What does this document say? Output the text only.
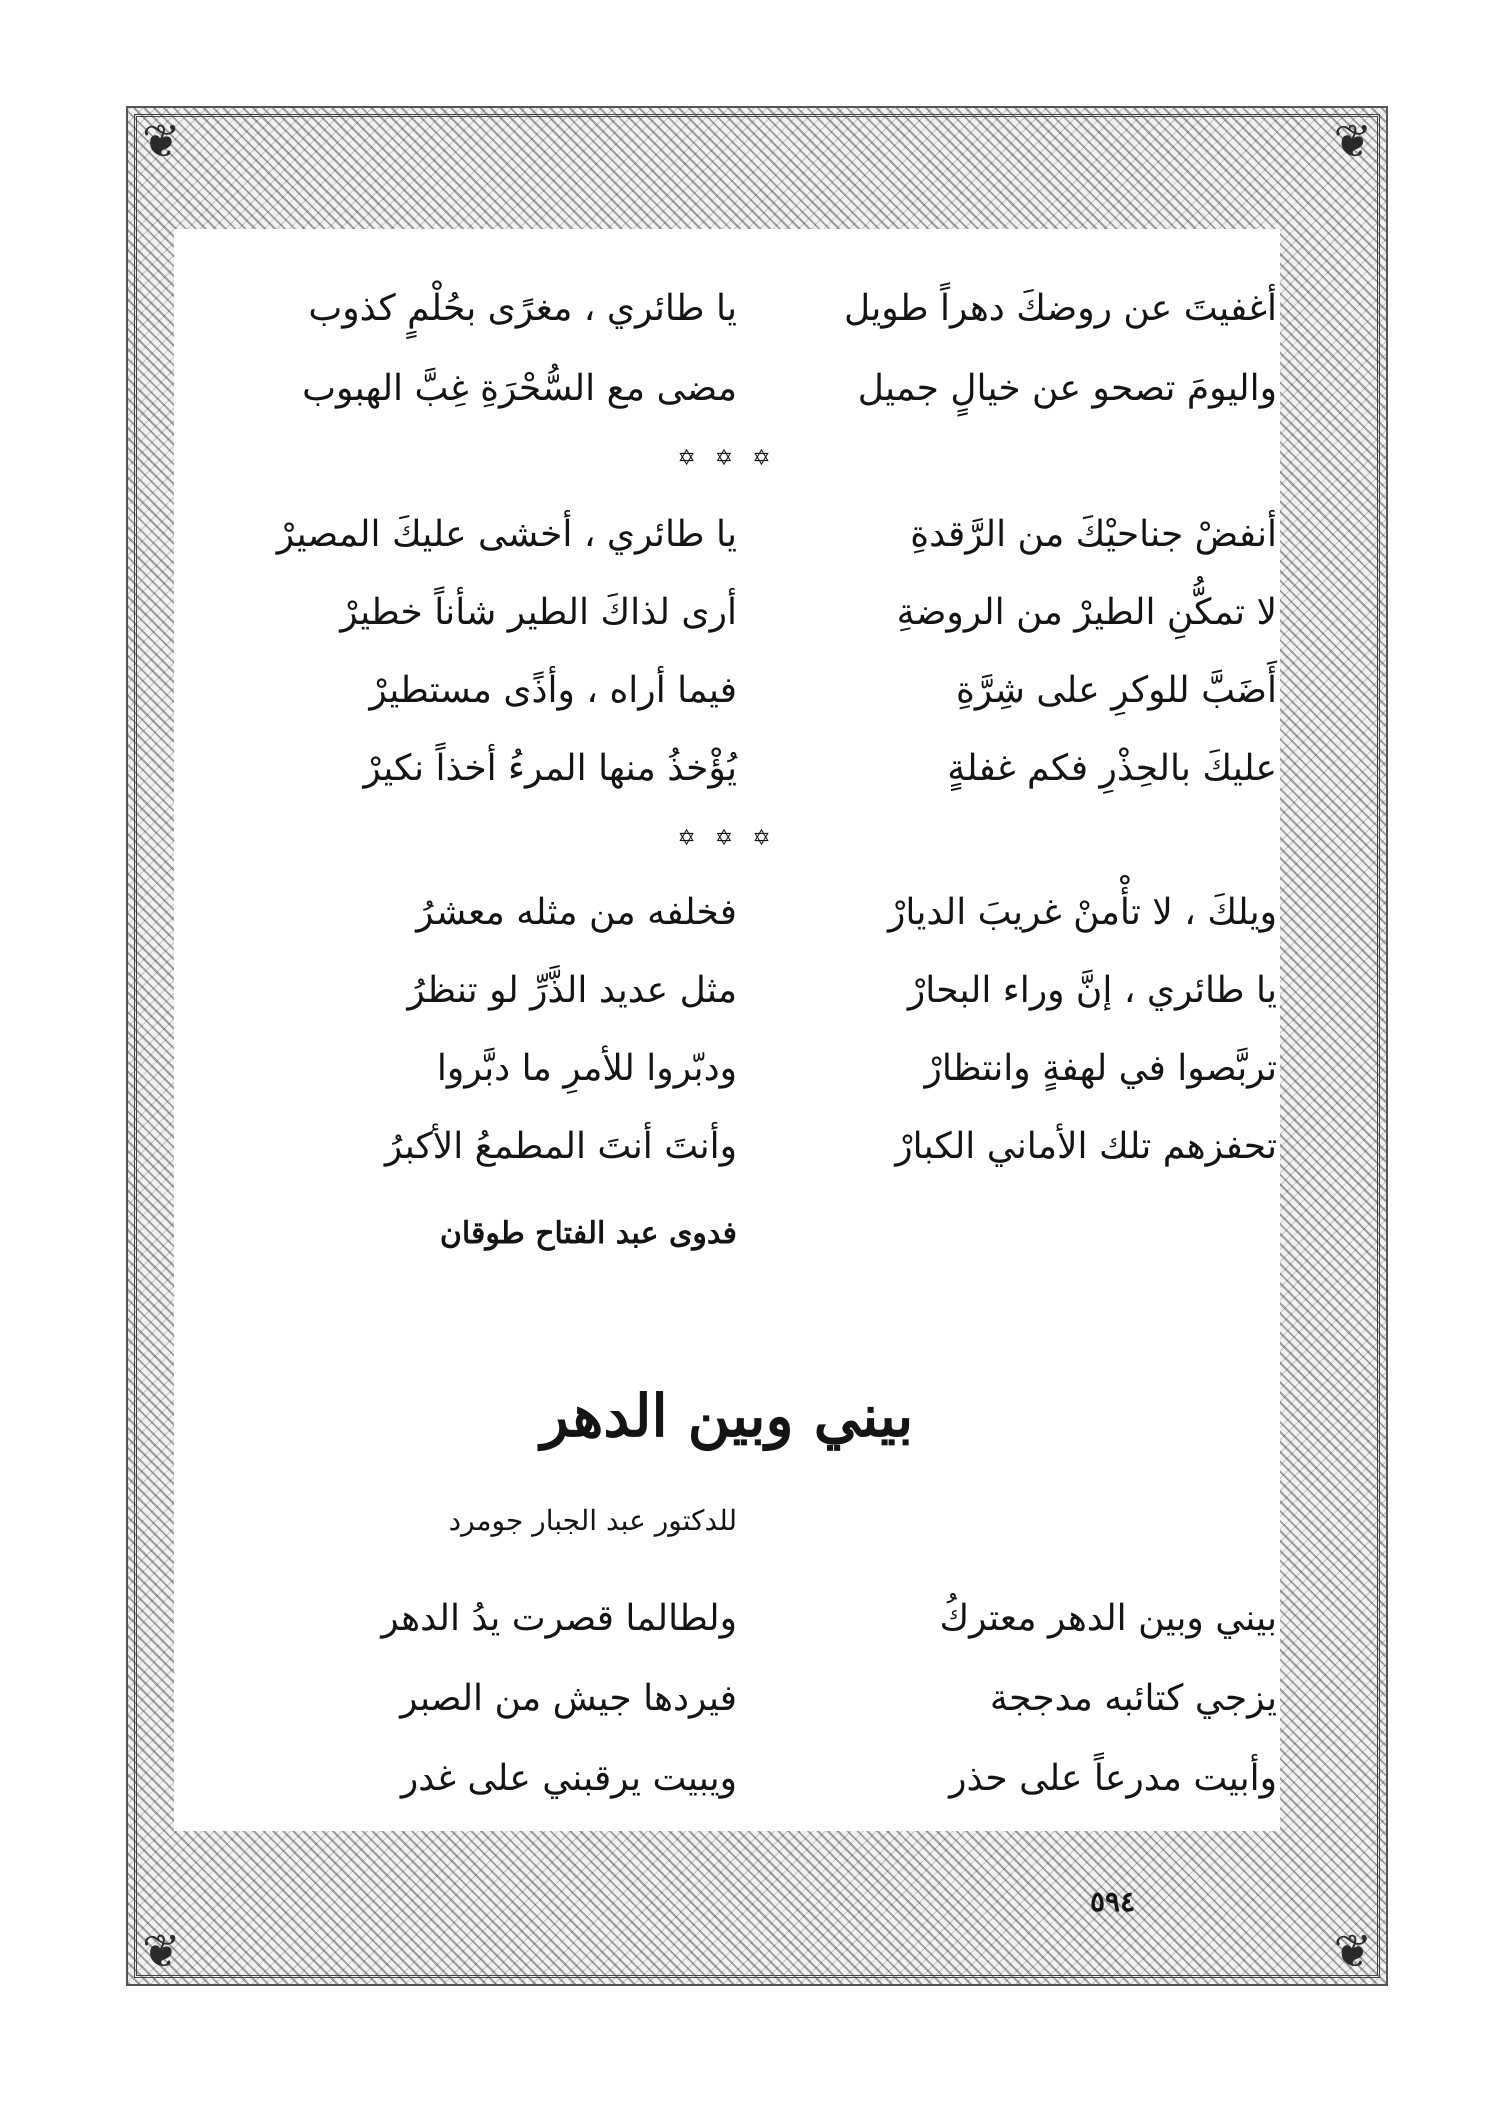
❦	❦
❦	❦
أغفيتَ عن روضكَ دهراً طويل
يا طائري ، مغرًى بحُلْمٍ كذوب
واليومَ تصحو عن خيالٍ جميل
مضى مع السُّحْرَةِ غِبَّ الهبوب
✡ ✡ ✡
أنفضْ جناحيْكَ من الرَّقدةِ
يا طائري ، أخشى عليكَ المصيرْ
لا تمكُّنِ الطيرْ من الروضةِ
أرى لذاكَ الطير شأناً خطيرْ
أَضَبَّ للوكرِ على شِرَّةِ
فيما أراه ، وأذًى مستطيرْ
عليكَ بالحِذْرِ فكم غفلةٍ
يُؤْخذُ منها المرءُ أخذاً نكيرْ
✡ ✡ ✡
ويلكَ ، لا تأْمنْ غريبَ الديارْ
فخلفه من مثله معشرُ
يا طائري ، إنَّ وراء البحارْ
مثل عديد الذَّرِّ لو تنظرُ
تربَّصوا في لهفةٍ وانتظارْ
ودبّروا للأمرِ ما دبَّروا
تحفزهم تلك الأماني الكبارْ
وأنتَ أنتَ المطمعُ الأكبرُ
فدوى عبد الفتاح طوقان
بيني وبين الدهر
للدكتور عبد الجبار جومرد
بيني وبين الدهر معتركُ
ولطالما قصرت يدُ الدهر
يزجي كتائبه مدججة
فيردها جيش من الصبر
وأبيت مدرعاً على حذر
ويبيت يرقبني على غدر
٥٩٤
